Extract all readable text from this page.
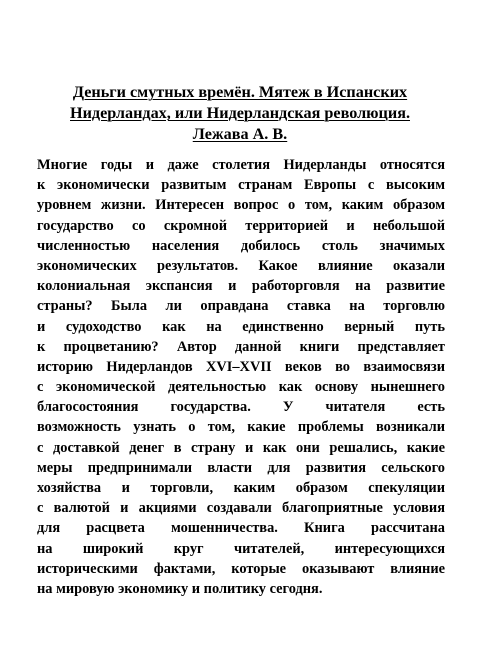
Деньги смутных времён. Мятеж в Испанских
Нидерландах, или Нидерландская революция.
Лежава А. В.
Многие годы и даже столетия Нидерланды относятся
к экономически развитым странам Европы с высоким
уровнем жизни. Интересен вопрос о том, каким образом
государство со скромной территорией и небольшой
численностью населения добилось столь значимых
экономических результатов. Какое влияние оказали
колониальная экспансия и работорговля на развитие
страны? Была ли оправдана ставка на торговлю
и судоходство как на единственно верный путь
к процветанию? Автор данной книги представляет
историю Нидерландов XVI–XVII веков во взаимосвязи
с экономической деятельностью как основу нынешнего
благосостояния государства. У читателя есть
возможность узнать о том, какие проблемы возникали
с доставкой денег в страну и как они решались, какие
меры предпринимали власти для развития сельского
хозяйства и торговли, каким образом спекуляции
с валютой и акциями создавали благоприятные условия
для расцвета мошенничества. Книга рассчитана
на широкий круг читателей, интересующихся
историческими фактами, которые оказывают влияние
на мировую экономику и политику сегодня.
